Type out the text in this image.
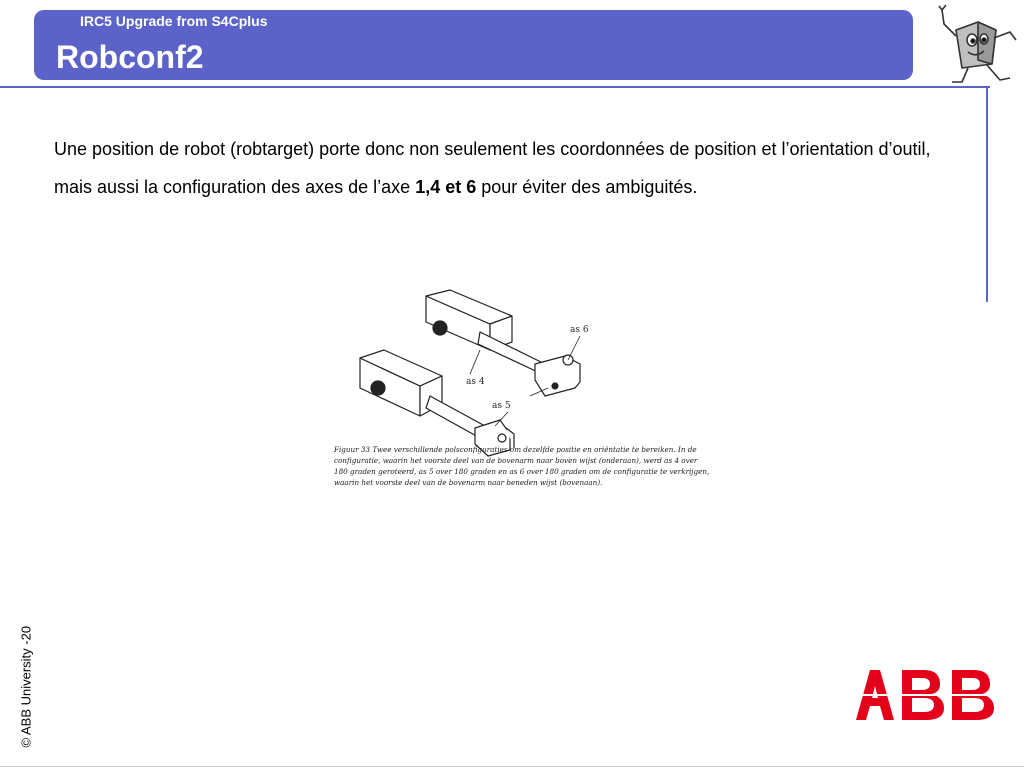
IRC5 Upgrade from S4Cplus
Robconf2
Une position de robot (robtarget) porte donc non seulement les coordonnées de position et l’orientation d’outil, mais aussi la configuration des axes de l’axe 1,4 et 6 pour éviter des ambiguités.
as 6
as 4
as 5
Figuur 33 Twee verschillende polsconfiguraties om dezelfde positie en oriëntatie te bereiken. In de configuratie, waarin het voorste deel van de bovenarm naar boven wijst (onderaan), werd as 4 over 180 graden geroteerd, as 5 over 180 graden en as 6 over 180 graden om de configuratie te verkrijgen, waarin het voorste deel van de bovenarm naar beneden wijst (bovenaan).
© ABB University -20
